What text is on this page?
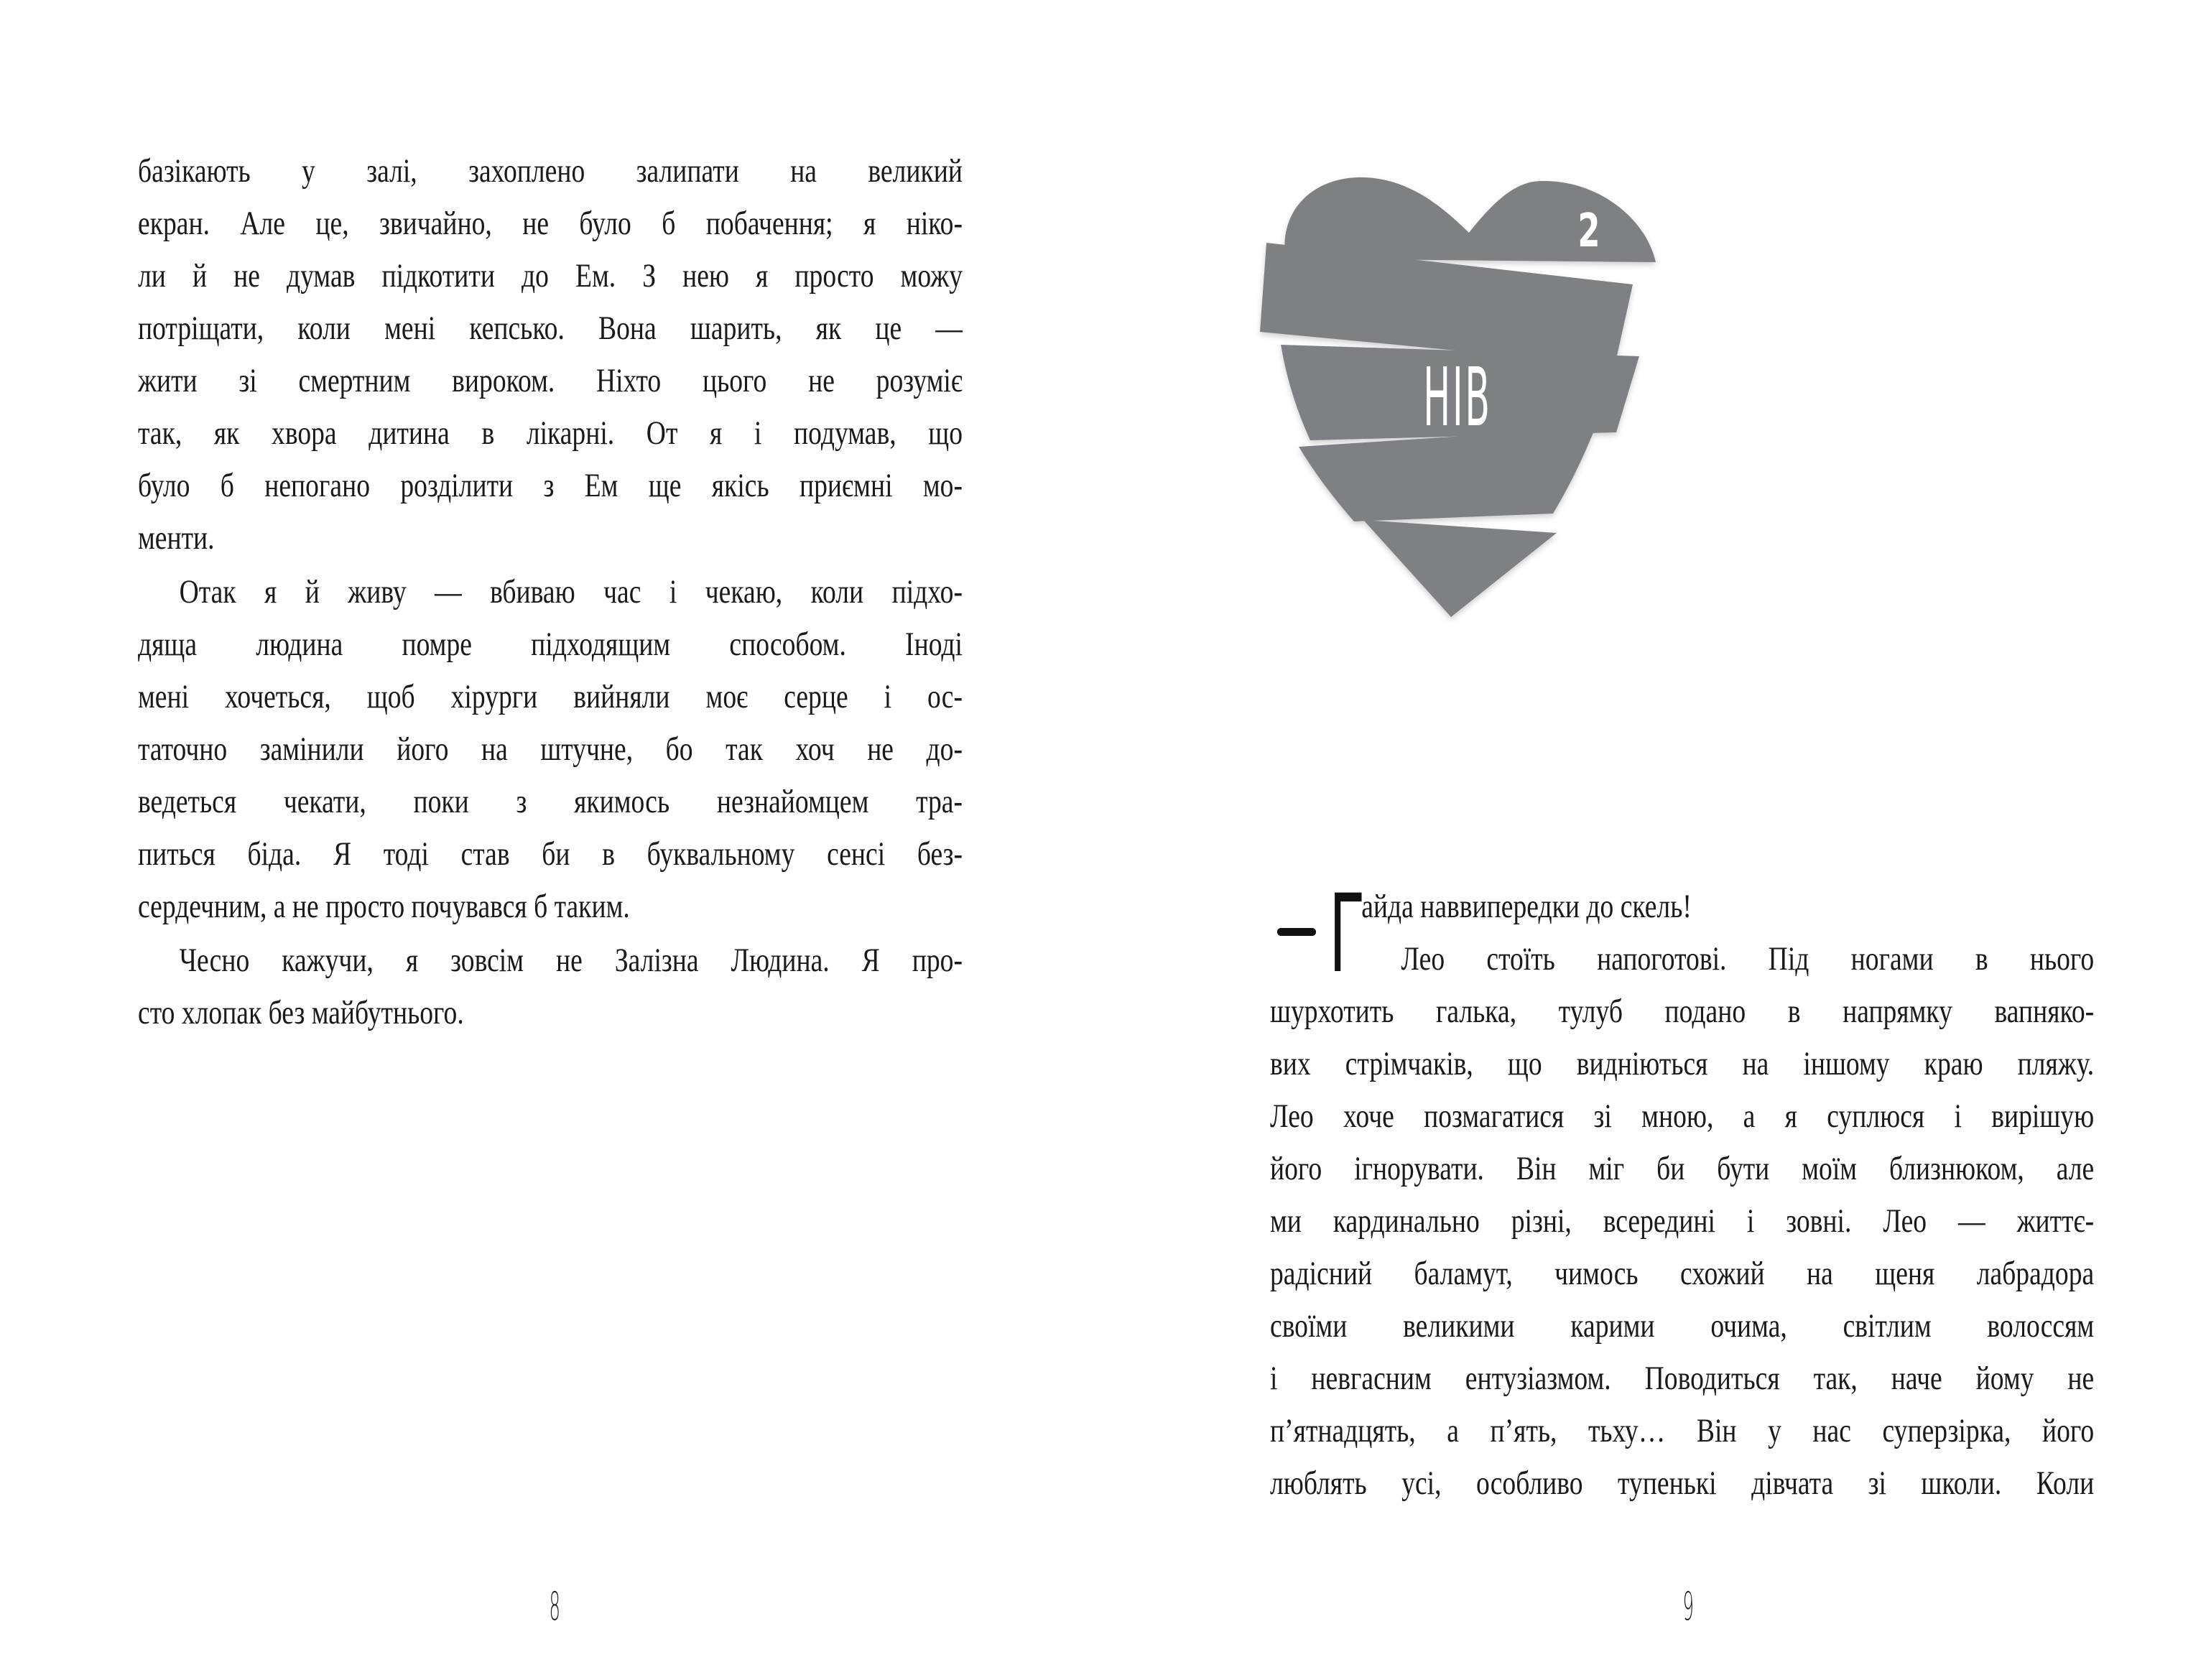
базікають у залі, захоплено залипати на великий
екран. Але це, звичайно, не було б побачення; я ніко-
ли й не думав підкотити до Ем. З нею я просто можу
потріщати, коли мені кепсько. Вона шарить, як це —
жити зі смертним вироком. Ніхто цього не розуміє
так, як хвора дитина в лікарні. От я і подумав, що
було б непогано розділити з Ем ще якісь приємні мо-
менти.
Отак я й живу — вбиваю час і чекаю, коли підхо-
дяща людина помре підходящим способом. Іноді
мені хочеться, щоб хірурги вийняли моє серце і ос-
таточно замінили його на штучне, бо так хоч не до-
ведеться чекати, поки з якимось незнайомцем тра-
питься біда. Я тоді став би в буквальному сенсі без-
сердечним, а не просто почувався б таким.
Чесно кажучи, я зовсім не Залізна Людина. Я про-
сто хлопак без майбутнього.
8
2
НІВ
Г
айда наввипередки до скель!
Лео стоїть напоготові. Під ногами в нього
шурхотить галька, тулуб подано в напрямку вапняко-
вих стрімчаків, що видніються на іншому краю пляжу.
Лео хоче позмагатися зі мною, а я суплюся і вирішую
його ігнорувати. Він міг би бути моїм близнюком, але
ми кардинально різні, всередині і зовні. Лео — життє-
радісний баламут, чимось схожий на щеня лабрадора
своїми великими карими очима, світлим волоссям
і невгасним ентузіазмом. Поводиться так, наче йому не
п’ятнадцять, а п’ять, тьху… Він у нас суперзірка, його
люблять усі, особливо тупенькі дівчата зі школи. Коли
9
